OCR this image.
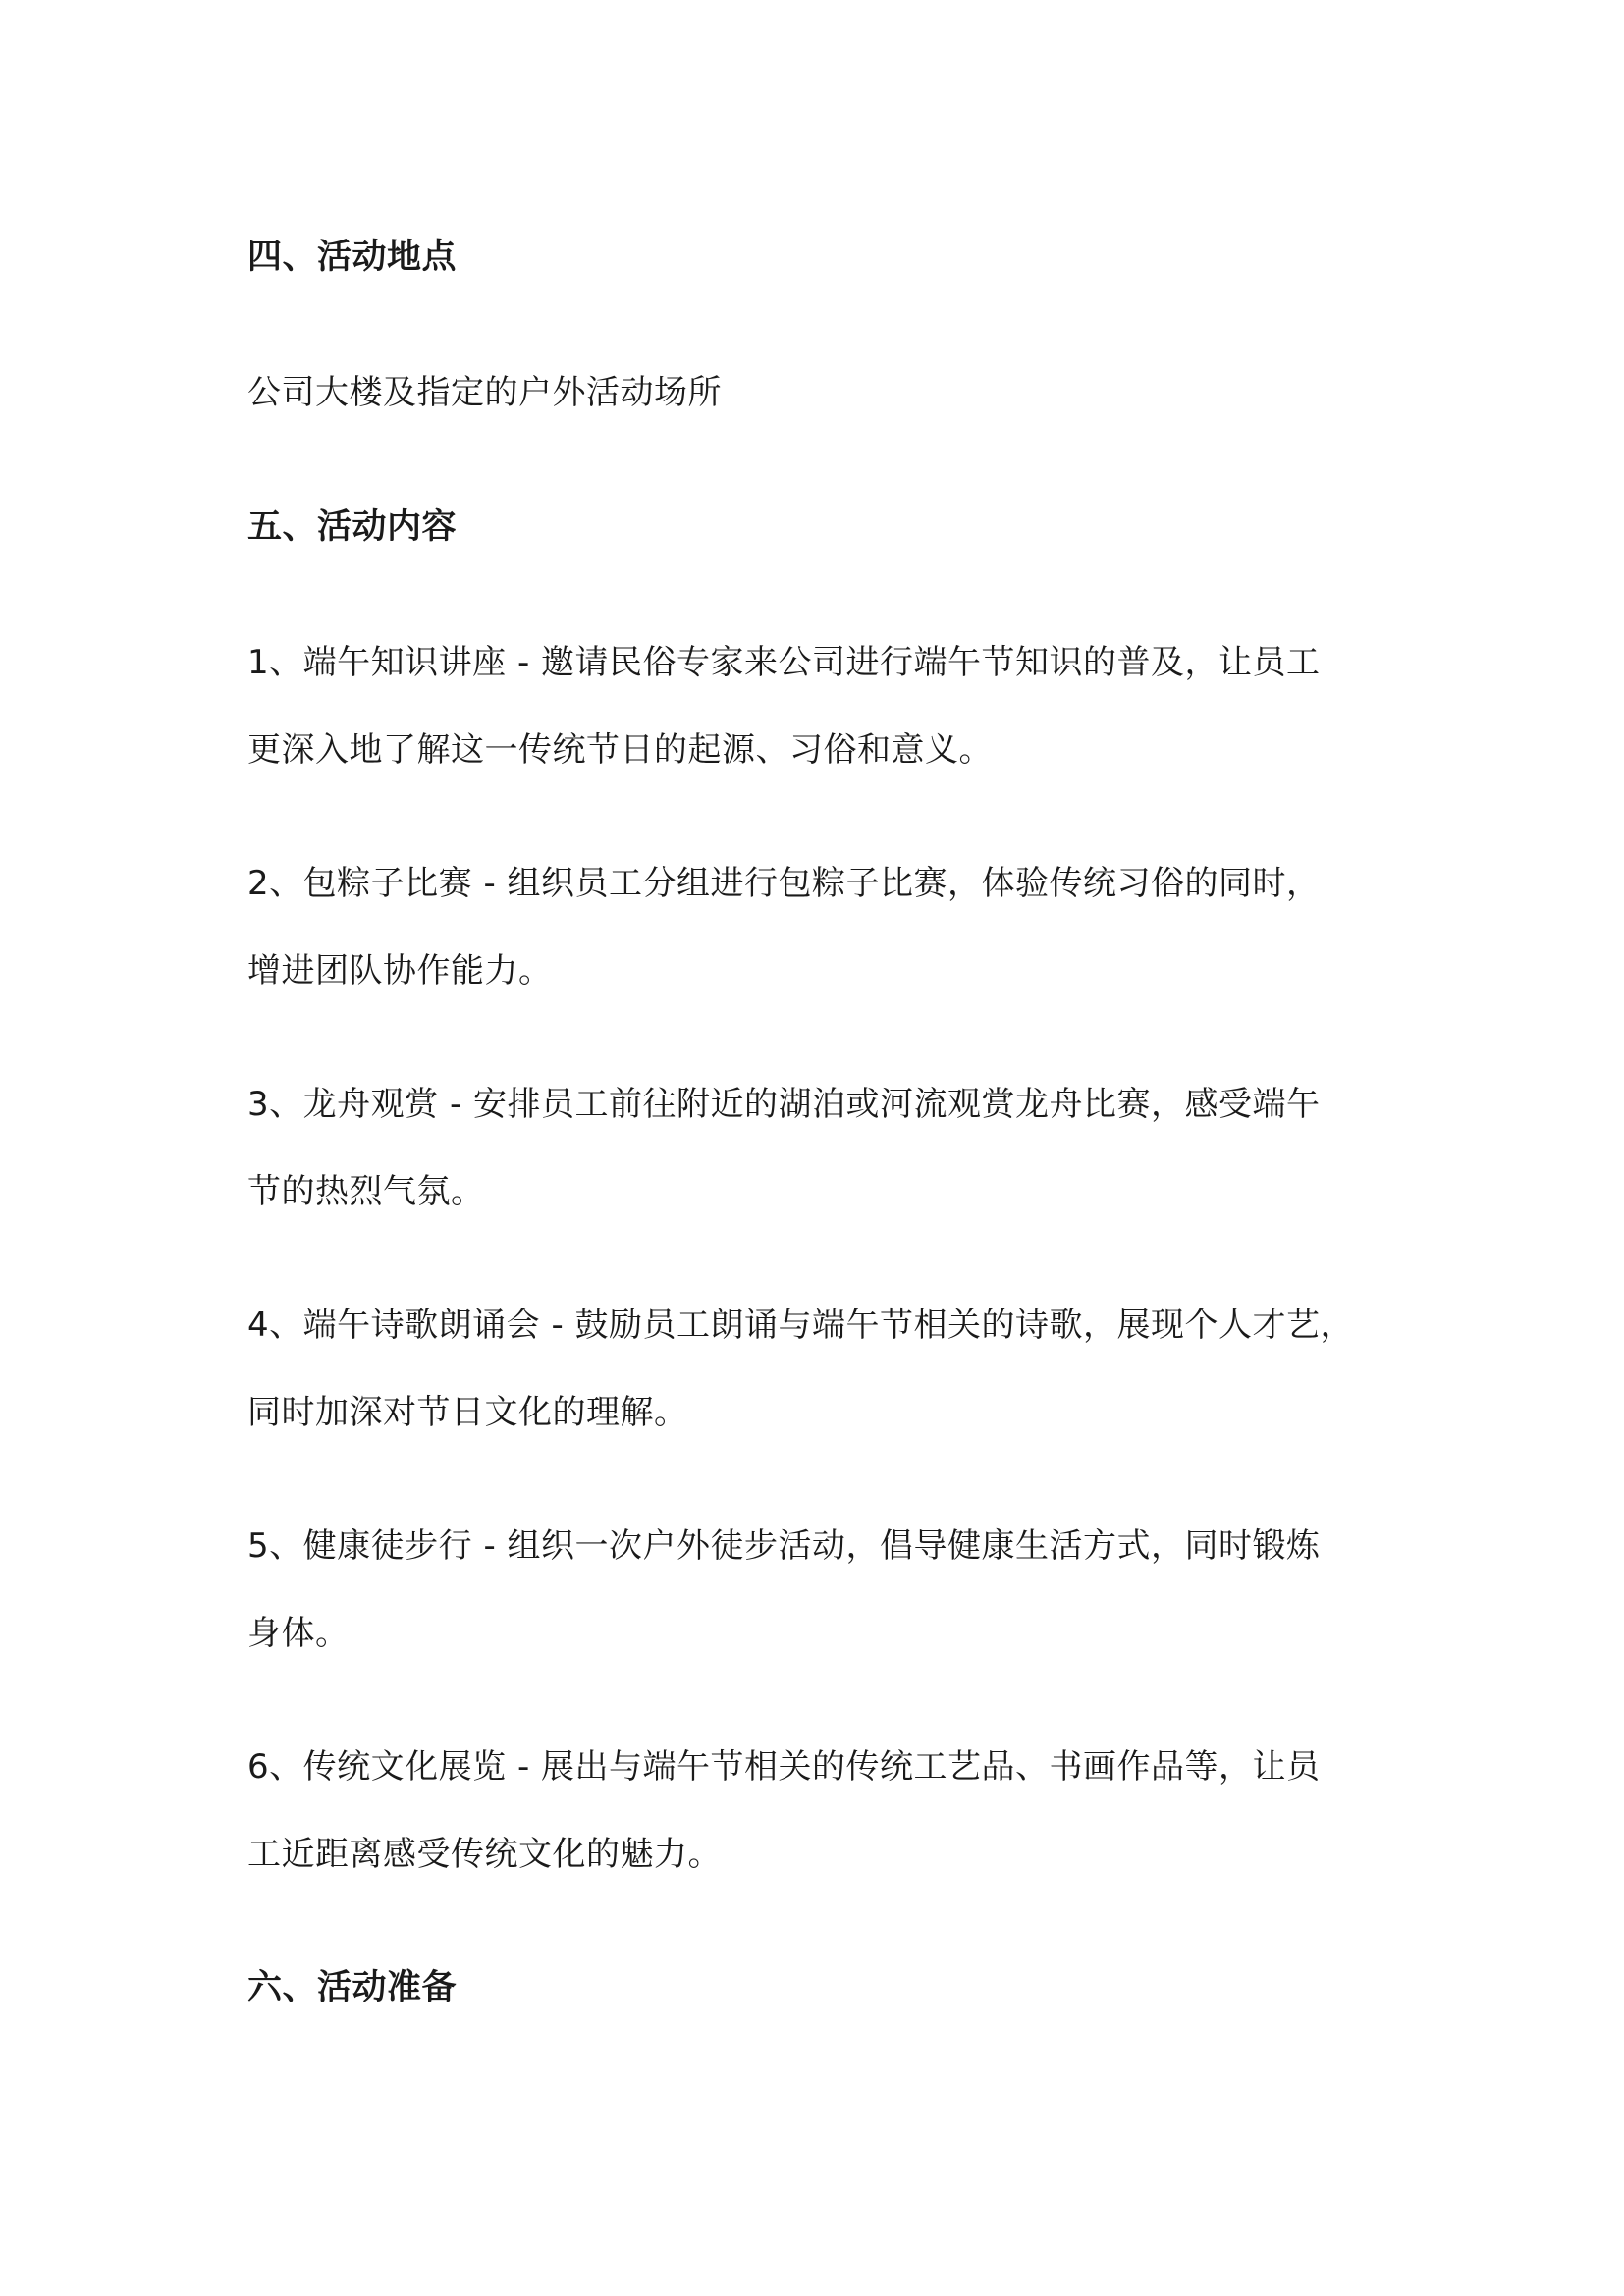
四、活动地点
公司大楼及指定的户外活动场所
五、活动内容
1、端午知识讲座 - 邀请民俗专家来公司进行端午节知识的普及，让员工
更深入地了解这一传统节日的起源、习俗和意义。
2、包粽子比赛 - 组织员工分组进行包粽子比赛，体验传统习俗的同时，
增进团队协作能力。
3、龙舟观赏 - 安排员工前往附近的湖泊或河流观赏龙舟比赛，感受端午
节的热烈气氛。
4、端午诗歌朗诵会 - 鼓励员工朗诵与端午节相关的诗歌，展现个人才艺，
同时加深对节日文化的理解。
5、健康徒步行 - 组织一次户外徒步活动，倡导健康生活方式，同时锻炼
身体。
6、传统文化展览 - 展出与端午节相关的传统工艺品、书画作品等，让员
工近距离感受传统文化的魅力。
六、活动准备
